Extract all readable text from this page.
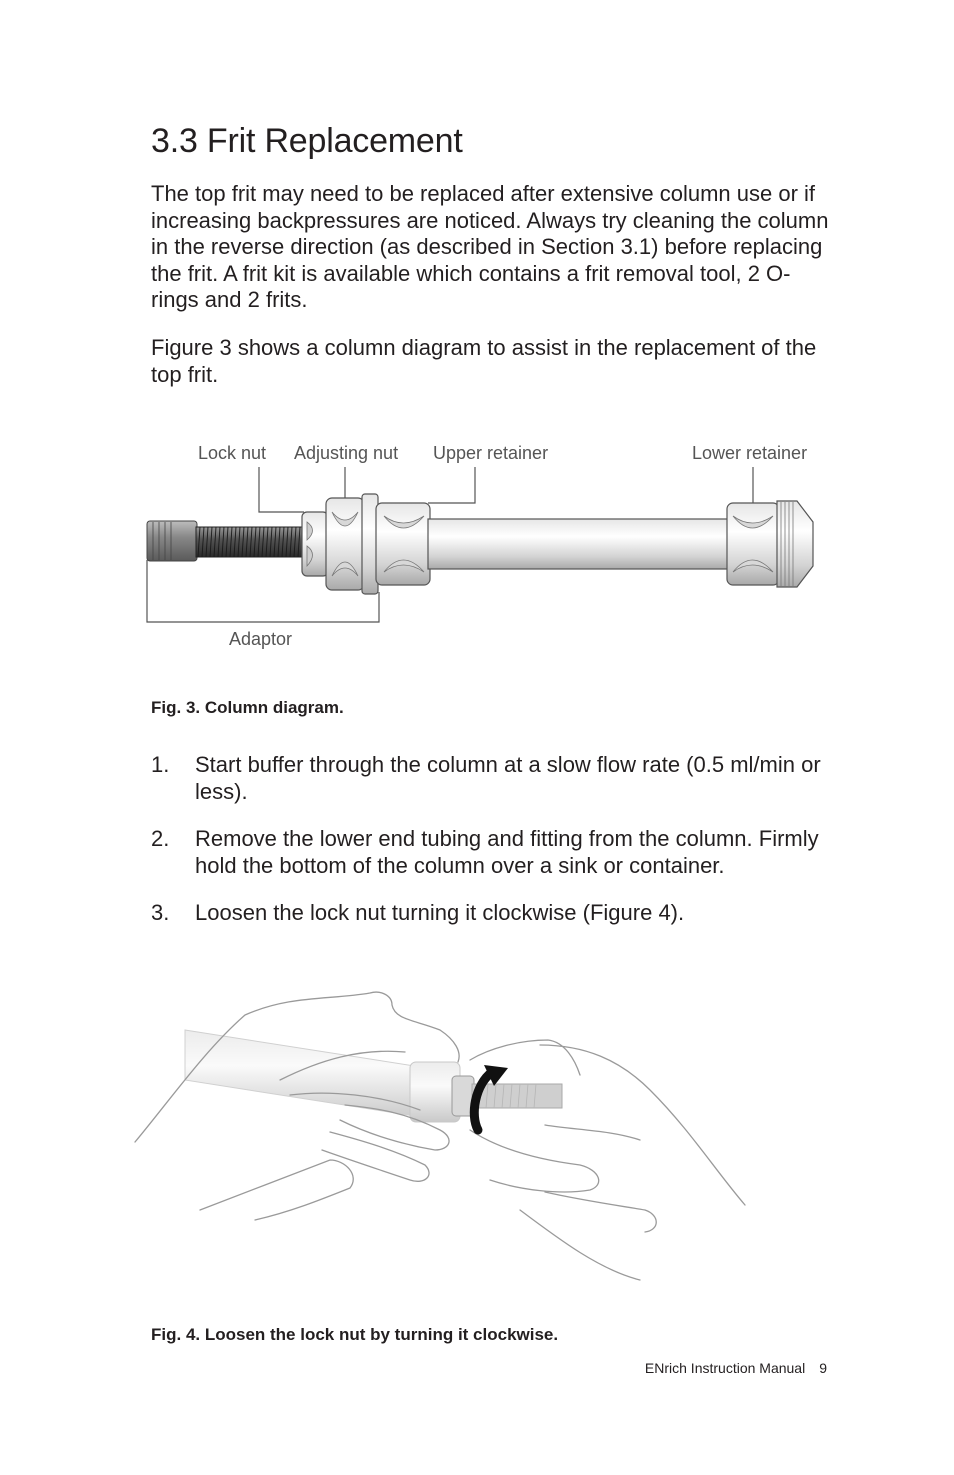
3.3 Frit Replacement

The top frit may need to be replaced after extensive column use or if increasing backpressures are noticed. Always try cleaning the column in the reverse direction (as described in Section 3.1) before replacing the frit. A frit kit is available which contains a frit removal tool, 2 O-rings and 2 frits.

Figure 3 shows a column diagram to assist in the replacement of the top frit.

Lock nut Adjusting nut Upper retainer	Lower retainer
Adaptor

Fig. 3. Column diagram.

1. Start buffer through the column at a slow flow rate (0.5 ml/min or less).
2. Remove the lower end tubing and fitting from the column. Firmly hold the bottom of the column over a sink or container.
3. Loosen the lock nut turning it clockwise (Figure 4).

Fig. 4. Loosen the lock nut by turning it clockwise.

ENrich Instruction Manual 9
